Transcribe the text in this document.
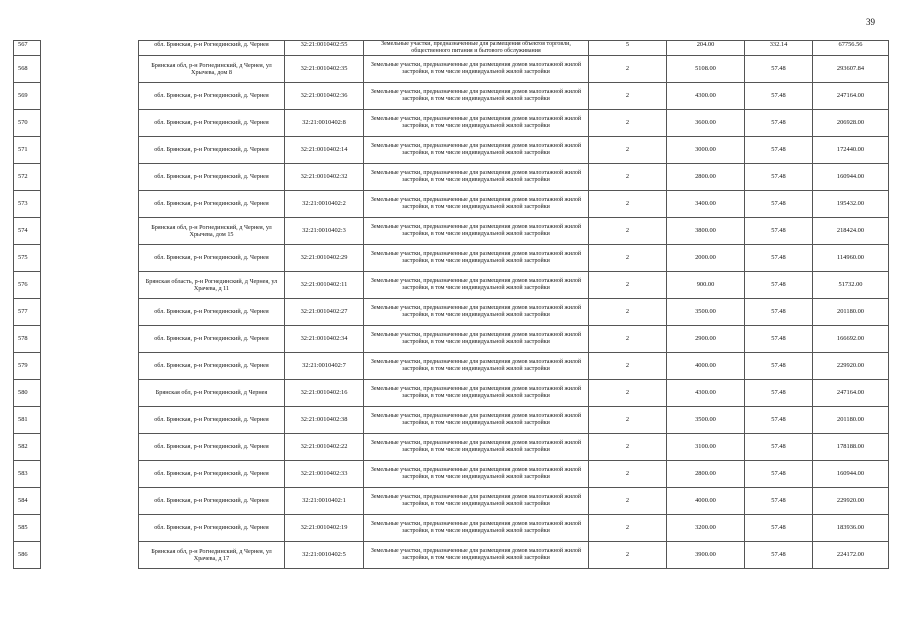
39
567		обл. Брянская, р-н Рогнединский, д. Чернея	32:21:0010402:55	Земельные участки, предназначенные для размещения объектов торговли, общественного питания и бытового обслуживания	5	204.00	332.14	67756.56
568		Брянская обл, р-н Рогнединский, д Чернея, ул Хрычева, дом 8	32:21:0010402:35	Земельные участки, предназначенные для размещения домов малоэтажной жилой застройки, в том числе индивидуальной жилой застройки	2	5108.00	57.48	293607.84
569		обл. Брянская, р-н Рогнединский, д. Чернея	32:21:0010402:36	Земельные участки, предназначенные для размещения домов малоэтажной жилой застройки, в том числе индивидуальной жилой застройки	2	4300.00	57.48	247164.00
570		обл. Брянская, р-н Рогнединский, д. Чернея	32:21:0010402:8	Земельные участки, предназначенные для размещения домов малоэтажной жилой застройки, в том числе индивидуальной жилой застройки	2	3600.00	57.48	206928.00
571		обл. Брянская, р-н Рогнединский, д. Чернея	32:21:0010402:14	Земельные участки, предназначенные для размещения домов малоэтажной жилой застройки, в том числе индивидуальной жилой застройки	2	3000.00	57.48	172440.00
572		обл. Брянская, р-н Рогнединский, д. Чернея	32:21:0010402:32	Земельные участки, предназначенные для размещения домов малоэтажной жилой застройки, в том числе индивидуальной жилой застройки	2	2800.00	57.48	160944.00
573		обл. Брянская, р-н Рогнединский, д. Чернея	32:21:0010402:2	Земельные участки, предназначенные для размещения домов малоэтажной жилой застройки, в том числе индивидуальной жилой застройки	2	3400.00	57.48	195432.00
574		Брянская обл, р-н Рогнединский, д Чернея, ул Хрычева, дом 15	32:21:0010402:3	Земельные участки, предназначенные для размещения домов малоэтажной жилой застройки, в том числе индивидуальной жилой застройки	2	3800.00	57.48	218424.00
575		обл. Брянская, р-н Рогнединский, д. Чернея	32:21:0010402:29	Земельные участки, предназначенные для размещения домов малоэтажной жилой застройки, в том числе индивидуальной жилой застройки	2	2000.00	57.48	114960.00
576		Брянская область, р-н Рогнединский, д Чернея, ул Храчева, д 11	32:21:0010402:11	Земельные участки, предназначенные для размещения домов малоэтажной жилой застройки, в том числе индивидуальной жилой застройки	2	900.00	57.48	51732.00
577		обл. Брянская, р-н Рогнединский, д. Чернея	32:21:0010402:27	Земельные участки, предназначенные для размещения домов малоэтажной жилой застройки, в том числе индивидуальной жилой застройки	2	3500.00	57.48	201180.00
578		обл. Брянская, р-н Рогнединский, д. Чернея	32:21:0010402:34	Земельные участки, предназначенные для размещения домов малоэтажной жилой застройки, в том числе индивидуальной жилой застройки	2	2900.00	57.48	166692.00
579		обл. Брянская, р-н Рогнединский, д. Чернея	32:21:0010402:7	Земельные участки, предназначенные для размещения домов малоэтажной жилой застройки, в том числе индивидуальной жилой застройки	2	4000.00	57.48	229920.00
580		Брянская обл, р-н Рогнединский, д Чернея	32:21:0010402:16	Земельные участки, предназначенные для размещения домов малоэтажной жилой застройки, в том числе индивидуальной жилой застройки	2	4300.00	57.48	247164.00
581		обл. Брянская, р-н Рогнединский, д. Чернея	32:21:0010402:38	Земельные участки, предназначенные для размещения домов малоэтажной жилой застройки, в том числе индивидуальной жилой застройки	2	3500.00	57.48	201180.00
582		обл. Брянская, р-н Рогнединский, д. Чернея	32:21:0010402:22	Земельные участки, предназначенные для размещения домов малоэтажной жилой застройки, в том числе индивидуальной жилой застройки	2	3100.00	57.48	178188.00
583		обл. Брянская, р-н Рогнединский, д. Чернея	32:21:0010402:33	Земельные участки, предназначенные для размещения домов малоэтажной жилой застройки, в том числе индивидуальной жилой застройки	2	2800.00	57.48	160944.00
584		обл. Брянская, р-н Рогнединский, д. Чернея	32:21:0010402:1	Земельные участки, предназначенные для размещения домов малоэтажной жилой застройки, в том числе индивидуальной жилой застройки	2	4000.00	57.48	229920.00
585		обл. Брянская, р-н Рогнединский, д. Чернея	32:21:0010402:19	Земельные участки, предназначенные для размещения домов малоэтажной жилой застройки, в том числе индивидуальной жилой застройки	2	3200.00	57.48	183936.00
586		Брянская обл, р-н Рогнединский, д Чернея, ул Храчева, д 17	32:21:0010402:5	Земельные участки, предназначенные для размещения домов малоэтажной жилой застройки, в том числе индивидуальной жилой застройки	2	3900.00	57.48	224172.00
